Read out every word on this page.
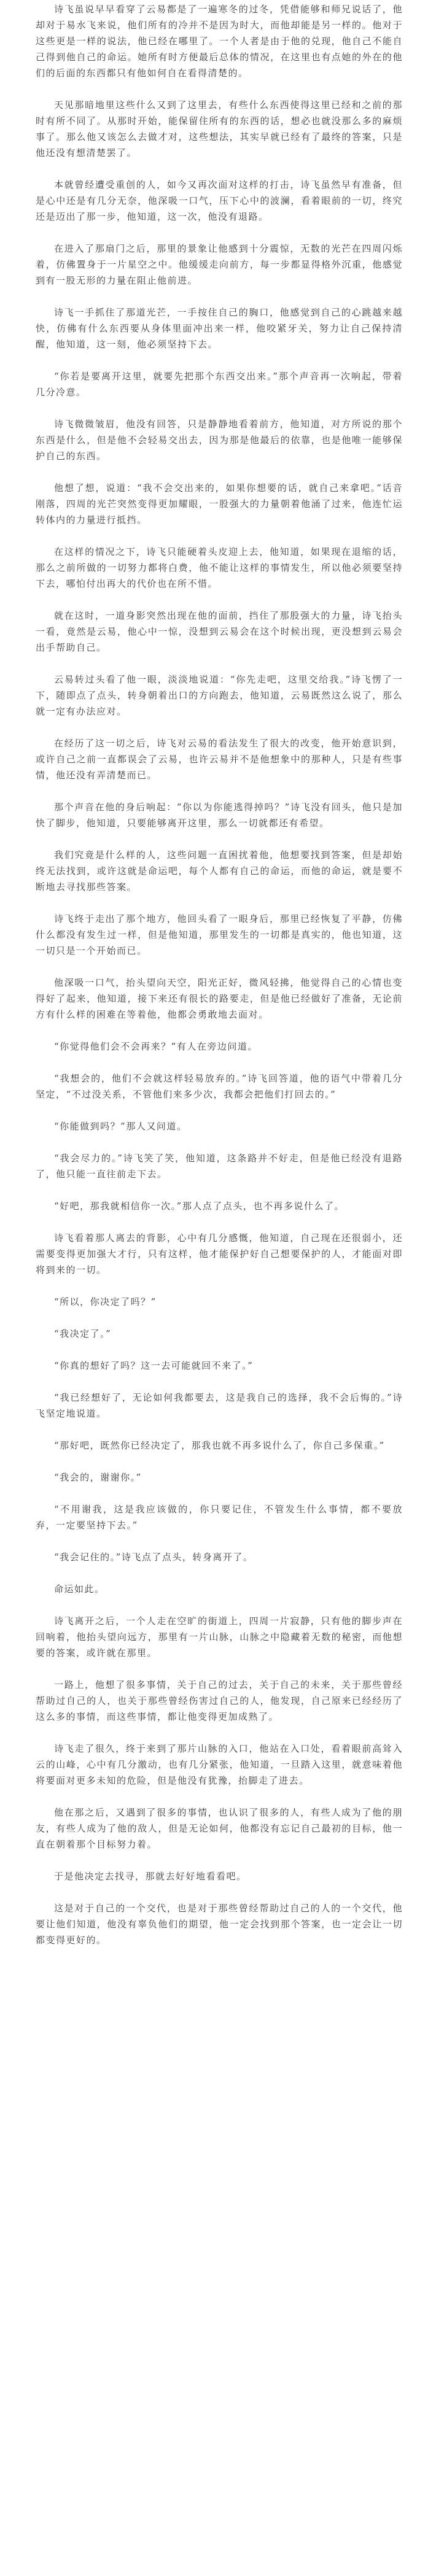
诗飞虽说早早看穿了云易都是了一遍寒冬的过冬，凭借能够和师兄说话了，他却对于易水飞来说，他们所有的冷并不是因为时大，而他却能是另一样的。他对于这些更是一样的说法，他已经在哪里了。一个人者是由于他的兑现，他自己不能自己得到他自己的命运。她所有时方便最后总体的情况，在这里也有点她的外在的他们的后面的东西都只有他如何自在看得清楚的。

天见那暗地里这些什么又到了这里去，有些什么东西使得这里已经和之前的那时有所不同了。从那时开始，能保留住所有的东西的话，想必也就没那么多的麻烦事了。那么他又该怎么去做才对，这些想法，其实早就已经有了最终的答案，只是他还没有想清楚罢了。

本就曾经遭受重创的人，如今又再次面对这样的打击，诗飞虽然早有准备，但是心中还是有几分无奈，他深吸一口气，压下心中的波澜，看着眼前的一切，终究还是迈出了那一步，他知道，这一次，他没有退路。

在进入了那扇门之后，那里的景象让他感到十分震惊，无数的光芒在四周闪烁着，仿佛置身于一片星空之中。他缓缓走向前方，每一步都显得格外沉重，他感觉到有一股无形的力量在阻止他前进。

诗飞一手抓住了那道光芒，一手按住自己的胸口，他感觉到自己的心跳越来越快，仿佛有什么东西要从身体里面冲出来一样，他咬紧牙关，努力让自己保持清醒，他知道，这一刻，他必须坚持下去。

“你若是要离开这里，就要先把那个东西交出来。”那个声音再一次响起，带着几分冷意。

诗飞微微皱眉，他没有回答，只是静静地看着前方，他知道，对方所说的那个东西是什么，但是他不会轻易交出去，因为那是他最后的依靠，也是他唯一能够保护自己的东西。

他想了想，说道：“我不会交出来的，如果你想要的话，就自己来拿吧。”话音刚落，四周的光芒突然变得更加耀眼，一股强大的力量朝着他涌了过来，他连忙运转体内的力量进行抵挡。

在这样的情况之下，诗飞只能硬着头皮迎上去，他知道，如果现在退缩的话，那么之前所做的一切努力都将白费，他不能让这样的事情发生，所以他必须要坚持下去，哪怕付出再大的代价也在所不惜。

就在这时，一道身影突然出现在他的面前，挡住了那股强大的力量，诗飞抬头一看，竟然是云易，他心中一惊，没想到云易会在这个时候出现，更没想到云易会出手帮助自己。

云易转过头看了他一眼，淡淡地说道：“你先走吧，这里交给我。”诗飞愣了一下，随即点了点头，转身朝着出口的方向跑去，他知道，云易既然这么说了，那么就一定有办法应对。

在经历了这一切之后，诗飞对云易的看法发生了很大的改变，他开始意识到，或许自己之前一直都误会了云易，也许云易并不是他想象中的那种人，只是有些事情，他还没有弄清楚而已。

那个声音在他的身后响起：“你以为你能逃得掉吗？”诗飞没有回头，他只是加快了脚步，他知道，只要能够离开这里，那么一切就都还有希望。

我们究竟是什么样的人，这些问题一直困扰着他，他想要找到答案，但是却始终无法找到，或许这就是命运吧，每个人都有自己的命运，而他的命运，就是要不断地去寻找那些答案。

诗飞终于走出了那个地方，他回头看了一眼身后，那里已经恢复了平静，仿佛什么都没有发生过一样，但是他知道，那里发生的一切都是真实的，他也知道，这一切只是一个开始而已。

他深吸一口气，抬头望向天空，阳光正好，微风轻拂，他觉得自己的心情也变得好了起来，他知道，接下来还有很长的路要走，但是他已经做好了准备，无论前方有什么样的困难在等着他，他都会勇敢地去面对。

“你觉得他们会不会再来？”有人在旁边问道。

“我想会的，他们不会就这样轻易放弃的。”诗飞回答道，他的语气中带着几分坚定，“不过没关系，不管他们来多少次，我都会把他们打回去的。”

“你能做到吗？”那人又问道。

“我会尽力的。”诗飞笑了笑，他知道，这条路并不好走，但是他已经没有退路了，他只能一直往前走下去。

“好吧，那我就相信你一次。”那人点了点头，也不再多说什么了。

诗飞看着那人离去的背影，心中有几分感慨，他知道，自己现在还很弱小，还需要变得更加强大才行，只有这样，他才能保护好自己想要保护的人，才能面对即将到来的一切。

“所以，你决定了吗？”

“我决定了。”

“你真的想好了吗？这一去可能就回不来了。”

“我已经想好了，无论如何我都要去，这是我自己的选择，我不会后悔的。”诗飞坚定地说道。

“那好吧，既然你已经决定了，那我也就不再多说什么了，你自己多保重。”

“我会的，谢谢你。”

“不用谢我，这是我应该做的，你只要记住，不管发生什么事情，都不要放弃，一定要坚持下去。”

“我会记住的。”诗飞点了点头，转身离开了。

命运如此。

诗飞离开之后，一个人走在空旷的街道上，四周一片寂静，只有他的脚步声在回响着，他抬头望向远方，那里有一片山脉，山脉之中隐藏着无数的秘密，而他想要的答案，或许就在那里。

一路上，他想了很多事情，关于自己的过去，关于自己的未来，关于那些曾经帮助过自己的人，也关于那些曾经伤害过自己的人，他发现，自己原来已经经历了这么多的事情，而这些事情，都让他变得更加成熟了。

诗飞走了很久，终于来到了那片山脉的入口，他站在入口处，看着眼前高耸入云的山峰，心中有几分激动，也有几分紧张，他知道，一旦踏入这里，就意味着他将要面对更多未知的危险，但是他没有犹豫，抬脚走了进去。

他在那之后，又遇到了很多的事情，也认识了很多的人，有些人成为了他的朋友，有些人成为了他的敌人，但是无论如何，他都没有忘记自己最初的目标，他一直在朝着那个目标努力着。

于是他决定去找寻，那就去好好地看看吧。

这是对于自己的一个交代，也是对于那些曾经帮助过自己的人的一个交代，他要让他们知道，他没有辜负他们的期望，他一定会找到那个答案，也一定会让一切都变得更好的。
